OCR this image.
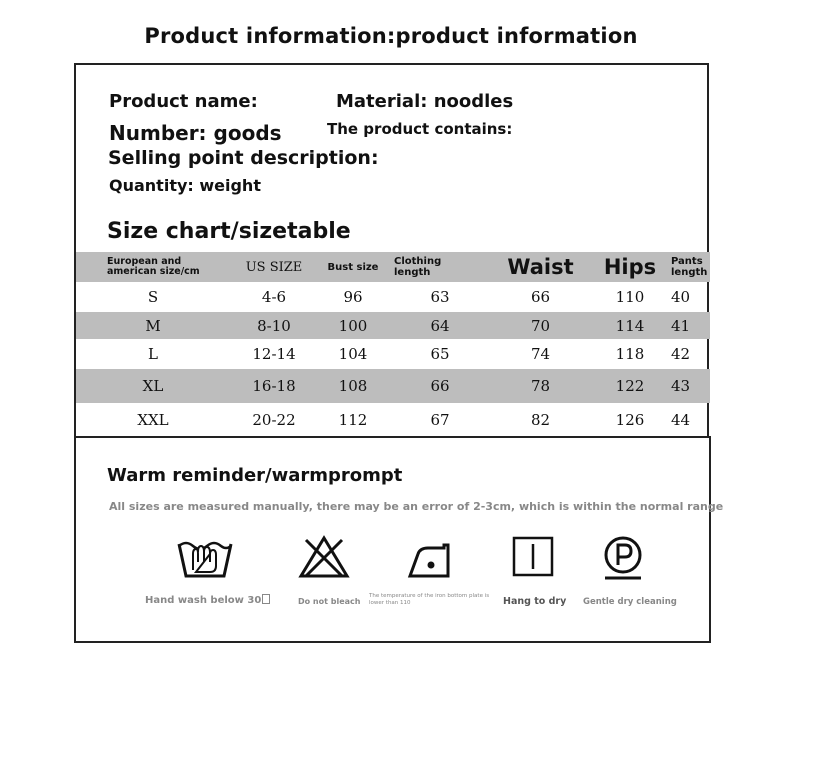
Product information:product information
Product name:	Material: noodles
Number: goods	The product contains:
Selling point description:
Quantity: weight
Size chart/sizetable
European and
american size/cm	US SIZE	Bust size	Clothing
length	Waist	Hips	Pants length
S	4-6	96	63	66	110	40
M	8-10	100	64	70	114	41
L	12-14	104	65	74	118	42
XL	16-18	108	66	78	122	43
XXL	20-22	112	67	82	126	44
Warm reminder/warmprompt
All sizes are measured manually, there may be an error of 2-3cm, which is within the normal range
Hand wash below 30	Do not bleach
The temperature of the iron bottom plate is lower than 110	Hang to dry Gentle dry cleaning
